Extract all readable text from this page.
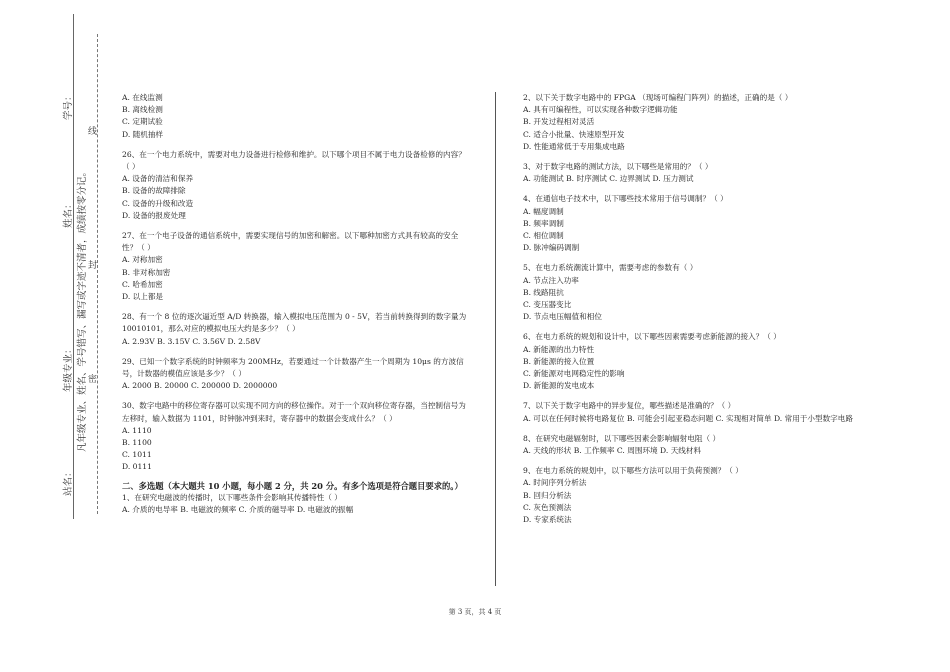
学号：
姓名：
年级专业：
站名：
凡年级专业、姓名、学号错写、漏写或字迹不清者，成绩按零分记。 密
封
线

A. 在线监测

B. 离线检测

C. 定期试验

D. 随机抽样

26、在一个电力系统中，需要对电力设备进行检修和维护。以下哪个项目不属于电力设备检修的内容？（ ）

A. 设备的清洁和保养

B. 设备的故障排除

C. 设备的升级和改造

D. 设备的报废处理

27、在一个电子设备的通信系统中，需要实现信号的加密和解密。以下哪种加密方式具有较高的安全性？（ ）

A. 对称加密

B. 非对称加密

C. 哈希加密

D. 以上都是

28、有一个 8 位的逐次逼近型 A/D 转换器，输入模拟电压范围为 0 - 5V，若当前转换得到的数字量为 10010101，那么对应的模拟电压大约是多少？（ ）

A. 2.93V B. 3.15V C. 3.56V D. 2.58V

29、已知一个数字系统的时钟频率为 200MHz，若要通过一个计数器产生一个周期为 10μs 的方波信号，计数器的模值应该是多少？（ ）

A. 2000 B. 20000 C. 200000 D. 2000000

30、数字电路中的移位寄存器可以实现不同方向的移位操作。对于一个双向移位寄存器，当控制信号为左移时，输入数据为 1101，时钟脉冲到来时，寄存器中的数据会变成什么？（ ）

A. 1110

B. 1100

C. 1011

D. 0111

二、多选题（本大题共 10 小题，每小题 2 分，共 20 分。有多个选项是符合题目要求的。）

1、在研究电磁波的传播时，以下哪些条件会影响其传播特性（ ）

A. 介质的电导率 B. 电磁波的频率 C. 介质的磁导率 D. 电磁波的振幅

2、以下关于数字电路中的 FPGA （现场可编程门阵列）的描述，正确的是（ ）

A. 具有可编程性，可以实现各种数字逻辑功能

B. 开发过程相对灵活

C. 适合小批量、快速原型开发

D. 性能通常低于专用集成电路

3、对于数字电路的测试方法，以下哪些是常用的？（ ）

A. 功能测试 B. 时序测试 C. 边界测试 D. 压力测试

4、在通信电子技术中，以下哪些技术常用于信号调制？（ ）

A. 幅度调制

B. 频率调制

C. 相位调制

D. 脉冲编码调制

5、在电力系统潮流计算中，需要考虑的参数有（ ）

A. 节点注入功率

B. 线路阻抗

C. 变压器变比

D. 节点电压幅值和相位

6、在电力系统的规划和设计中，以下哪些因素需要考虑新能源的接入？（ ）

A. 新能源的出力特性

B. 新能源的接入位置

C. 新能源对电网稳定性的影响

D. 新能源的发电成本

7、以下关于数字电路中的异步复位，哪些描述是准确的？（ ）

A. 可以在任何时候将电路复位 B. 可能会引起亚稳态问题 C. 实现相对简单 D. 常用于小型数字电路

8、在研究电磁辐射时，以下哪些因素会影响辐射电阻（ ）

A. 天线的形状 B. 工作频率 C. 周围环境 D. 天线材料

9、在电力系统的规划中，以下哪些方法可以用于负荷预测？（ ）

A. 时间序列分析法

B. 回归分析法

C. 灰色预测法

D. 专家系统法

第 3 页，共 4 页
